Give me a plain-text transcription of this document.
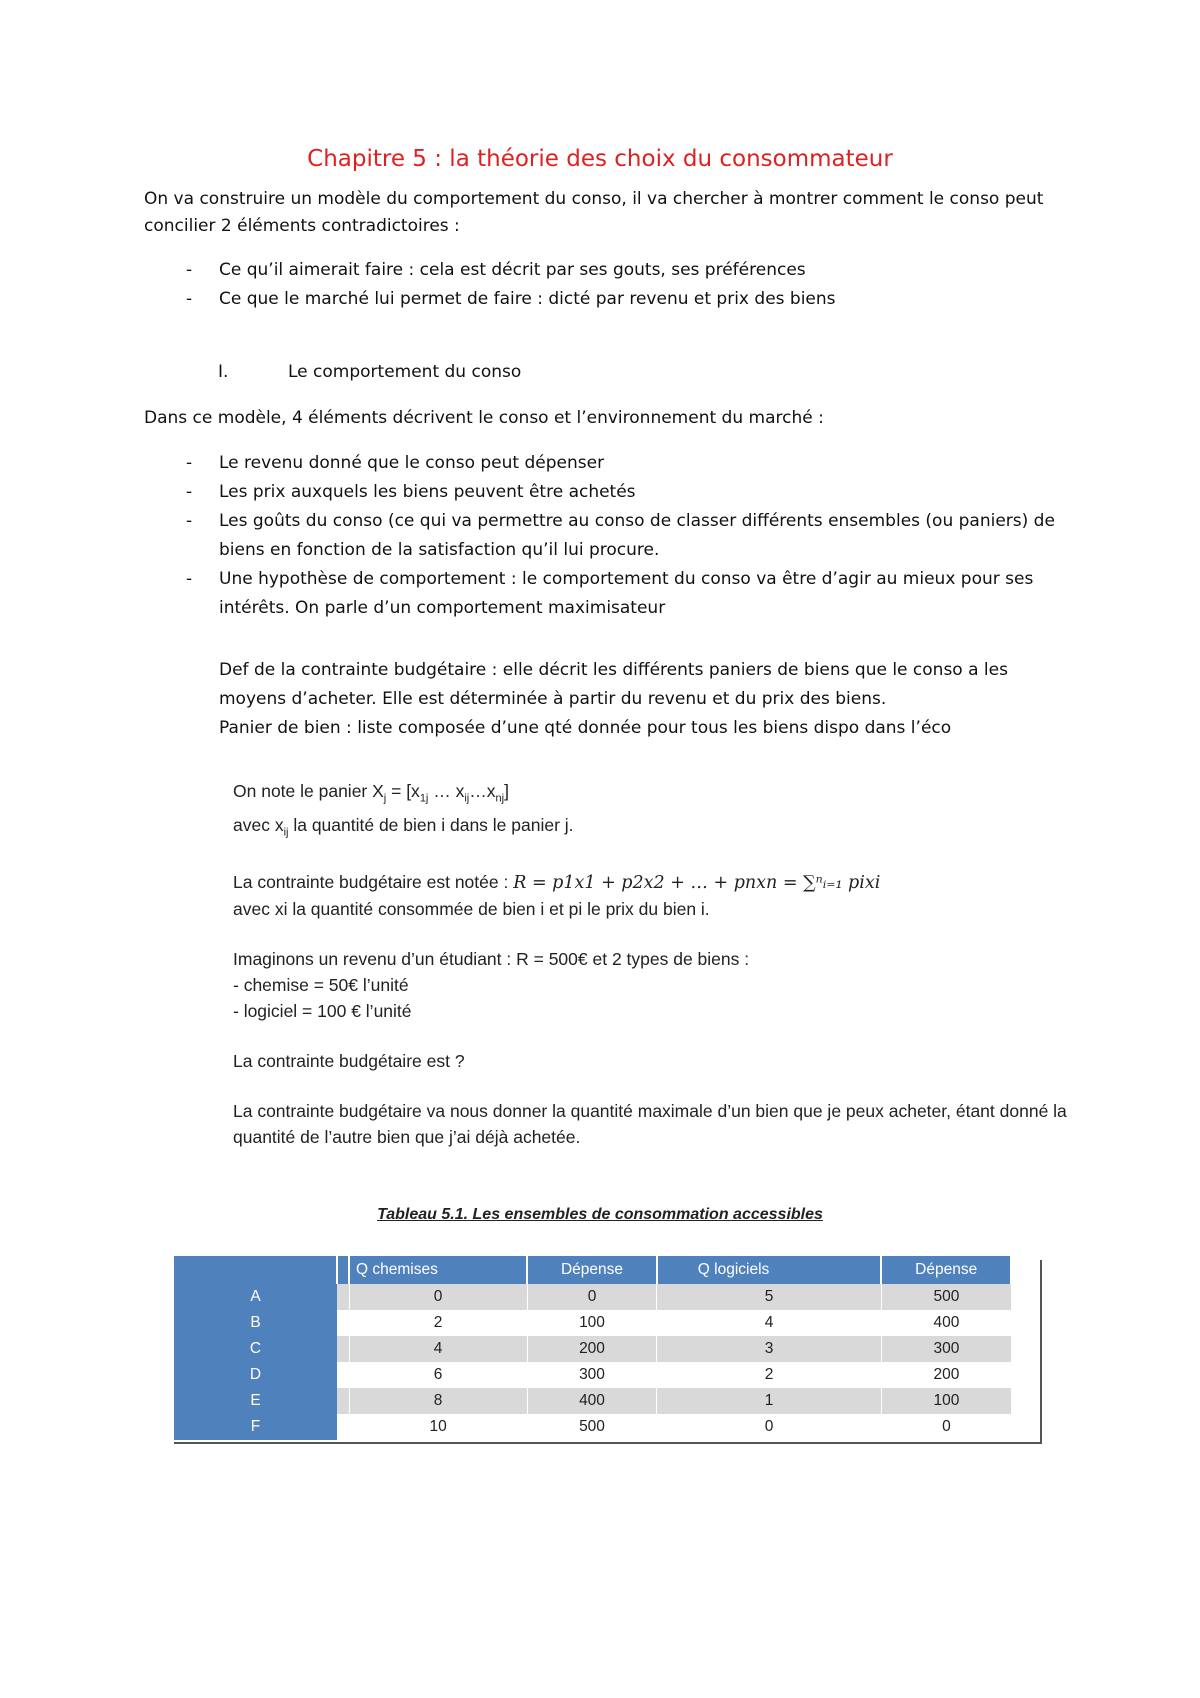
Chapitre 5 : la théorie des choix du consommateur

On va construire un modèle du comportement du conso, il va chercher à montrer comment le conso peut concilier 2 éléments contradictoires :

- Ce qu’il aimerait faire : cela est décrit par ses gouts, ses préférences
- Ce que le marché lui permet de faire : dicté par revenu et prix des biens
I.	Le comportement du conso

Dans ce modèle, 4 éléments décrivent le conso et l’environnement du marché :

- Le revenu donné que le conso peut dépenser
- Les prix auxquels les biens peuvent être achetés
- Les goûts du conso (ce qui va permettre au conso de classer différents ensembles (ou paniers) de biens en fonction de la satisfaction qu’il lui procure.
- Une hypothèse de comportement : le comportement du conso va être d’agir au mieux pour ses intérêts. On parle d’un comportement maximisateur

Def de la contrainte budgétaire : elle décrit les différents paniers de biens que le conso a les moyens d’acheter. Elle est déterminée à partir du revenu et du prix des biens.

Panier de bien : liste composée d’une qté donnée pour tous les biens dispo dans l’éco

On note le panier $X_j = [x_{1j}$ … $x_{ij}\dots x_{nj}$]

avec $x_{ij}$ la quantité de bien i dans le panier j.

La contrainte budgétaire est notée : R = p1x1 + p2x2 + … + pnxn = ∑ⁿᵢ₌₁ pixi

avec xi la quantité consommée de bien i et pi le prix du bien i.

Imaginons un revenu d’un étudiant : R = 500€ et 2 types de biens :

- chemise = 50€ l’unité

- logiciel = 100 € l’unité

La contrainte budgétaire est ?

La contrainte budgétaire va nous donner la quantité maximale d’un bien que je peux acheter, étant donné la quantité de l’autre bien que j’ai déjà achetée.

Tableau 5.1. Les ensembles de consommation accessibles
		Q chemises	Dépense	Q logiciels	Dépense
A		0	0	5	500
B		2	100	4	400
C		4	200	3	300
D		6	300	2	200
E		8	400	1	100
F		10	500	0	0
